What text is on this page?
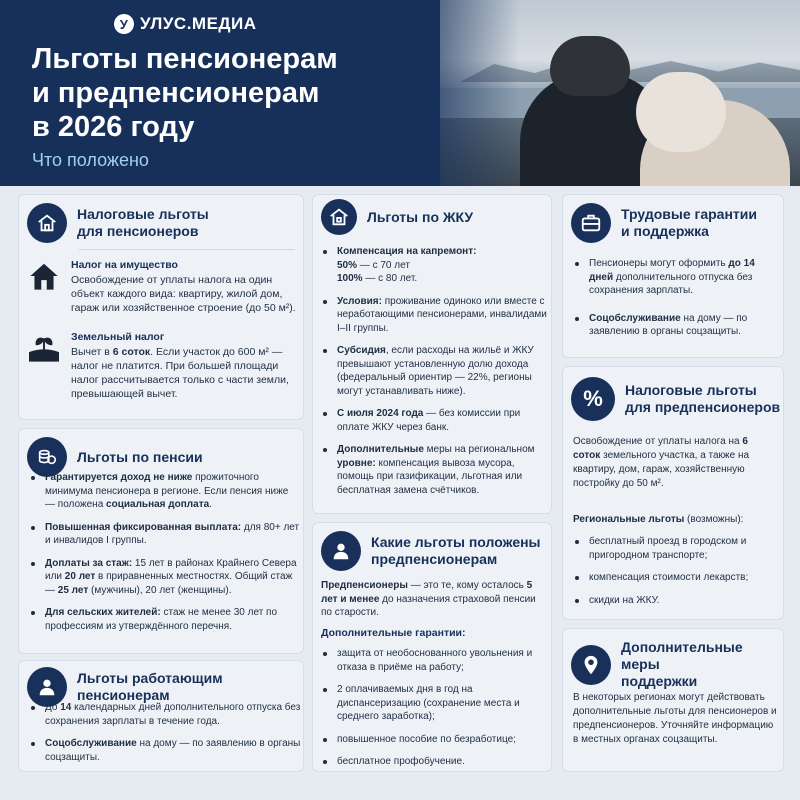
У УЛУС.МЕДИА
Льготы пенсионерам
и предпенсионерам
в 2026 году
Что положено
Налоговые льготы
для пенсионеров
Налог на имущество
Освобождение от уплаты налога на один объект каждого вида: квартиру, жилой дом, гараж или хозяйственное строение (до 50 м²).
Земельный налог
Вычет в 6 соток. Если участок до 600 м² — налог не платится. При большей площади налог рассчитывается только с части земли, превышающей вычет.
Льготы по пенсии
Гарантируется доход не ниже прожиточного минимума пенсионера в регионе. Если пенсия ниже — положена социальная доплата.
Повышенная фиксированная выплата: для 80+ лет и инвалидов I группы.
Доплаты за стаж: 15 лет в районах Крайнего Севера или 20 лет в приравненных местностях. Общий стаж — 25 лет (мужчины), 20 лет (женщины).
Для сельских жителей: стаж не менее 30 лет по профессиям из утверждённого перечня.
Льготы работающим пенсионерам
До 14 календарных дней дополнительного отпуска без сохранения зарплаты в течение года.
Соцобслуживание на дому — по заявлению в органы соцзащиты.
Льготы по ЖКУ
Компенсация на капремонт:
50% — с 70 лет
100% — с 80 лет.
Условия: проживание одиноко или вместе с неработающими пенсионерами, инвалидами I–II группы.
Субсидия, если расходы на жильё и ЖКУ превышают установленную долю дохода (федеральный ориентир — 22%, регионы могут устанавливать ниже).
С июля 2024 года — без комиссии при оплате ЖКУ через банк.
Дополнительные меры на региональном уровне: компенсация вывоза мусора, помощь при газификации, льготная или бесплатная замена счётчиков.
Какие льготы положены
предпенсионерам
Предпенсионеры — это те, кому осталось 5 лет и менее до назначения страховой пенсии по старости.
Дополнительные гарантии:
защита от необоснованного увольнения и отказа в приёме на работу;
2 оплачиваемых дня в год на диспансеризацию (сохранение места и среднего заработка);
повышенное пособие по безработице;
бесплатное профобучение.
Трудовые гарантии
и поддержка
Пенсионеры могут оформить до 14 дней дополнительного отпуска без сохранения зарплаты.
Соцобслуживание на дому — по заявлению в органы соцзащиты.
% Налоговые льготы
для предпенсионеров
Освобождение от уплаты налога на 6 соток земельного участка, а также на квартиру, дом, гараж, хозяйственную постройку до 50 м².
Региональные льготы (возможны):
бесплатный проезд в городском и пригородном транспорте;
компенсация стоимости лекарств;
скидки на ЖКУ.
Дополнительные меры
поддержки
В некоторых регионах могут действовать дополнительные льготы для пенсионеров и предпенсионеров. Уточняйте информацию в местных органах соцзащиты.
